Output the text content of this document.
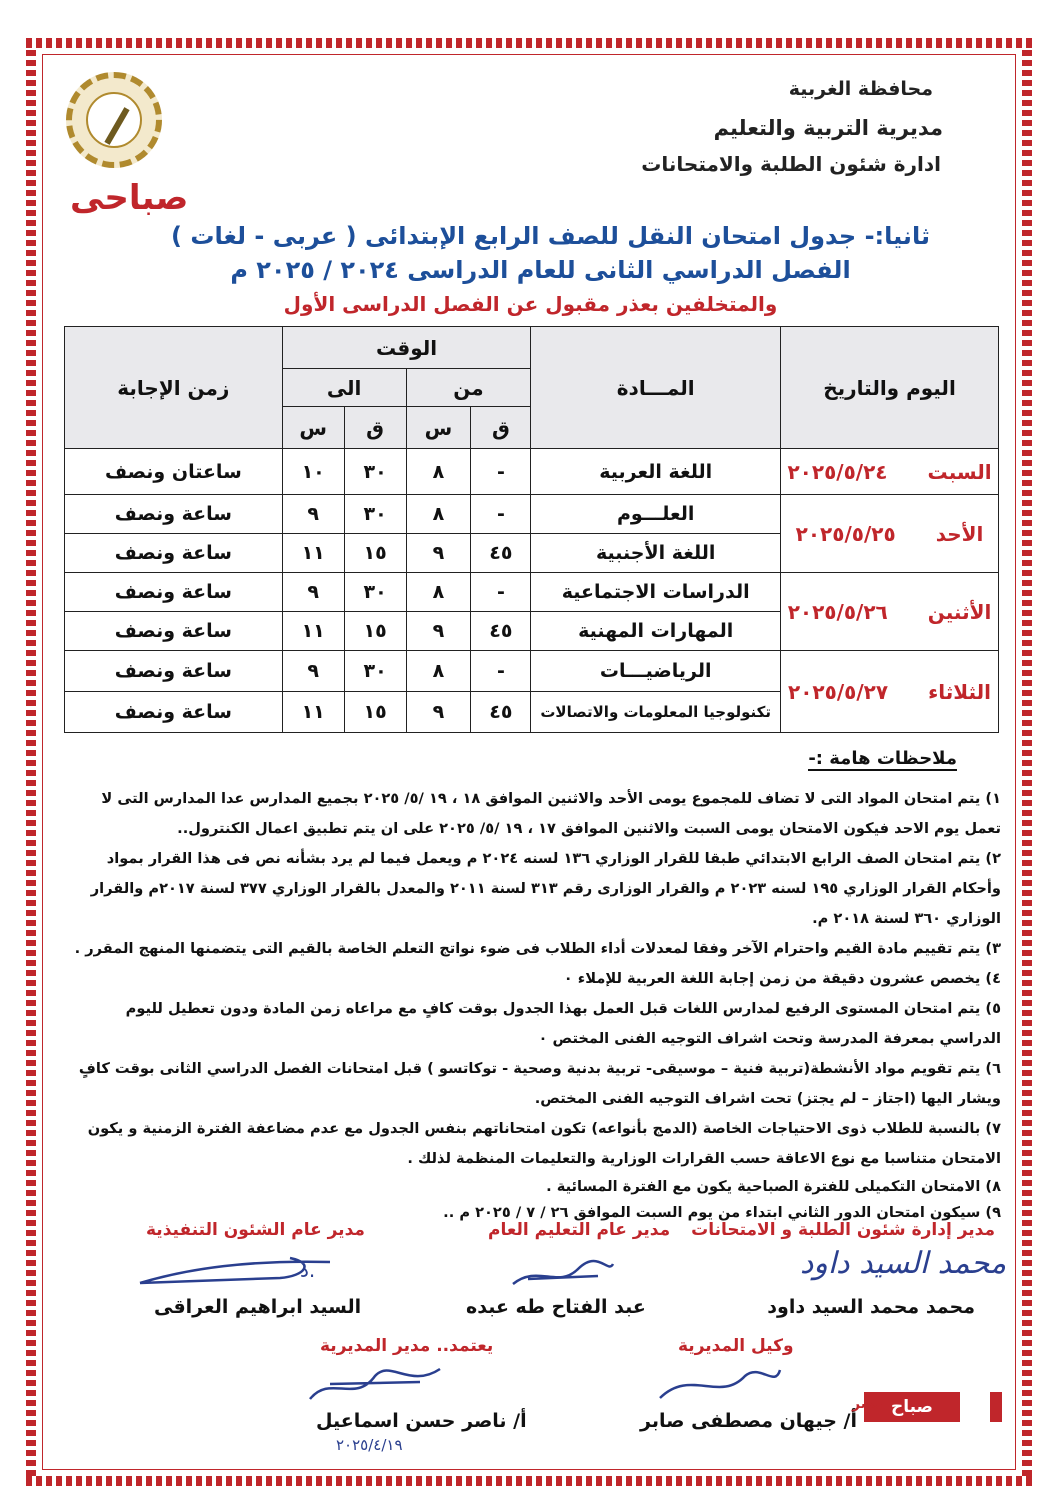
محافظة الغربية
مديرية التربية والتعليم
ادارة شئون الطلبة والامتحانات
صباحى
ثانيا:- جدول امتحان النقل للصف الرابع الإبتدائى ( عربى - لغات )
الفصل الدراسي الثانى للعام الدراسى ٢٠٢٤ / ٢٠٢٥ م
والمتخلفين بعذر مقبول عن الفصل الدراسى الأول
اليوم والتاريخ	المـــادة	الوقت				زمن الإجابة
		من		الى		
		ق	س	ق	س	
السبت٢٠٢٥/٥/٢٤	اللغة العربية	-	٨	٣٠	١٠	ساعتان ونصف
الأحد٢٠٢٥/٥/٢٥	العلـــوم	-	٨	٣٠	٩	ساعة ونصف
	اللغة الأجنبية	٤٥	٩	١٥	١١	ساعة ونصف
الأثنين٢٠٢٥/٥/٢٦	الدراسات الاجتماعية	-	٨	٣٠	٩	ساعة ونصف
	المهارات المهنية	٤٥	٩	١٥	١١	ساعة ونصف
الثلاثاء٢٠٢٥/٥/٢٧	الرياضيـــات	-	٨	٣٠	٩	ساعة ونصف
	تكنولوجيا المعلومات والاتصالات	٤٥	٩	١٥	١١	ساعة ونصف
ملاحظات هامة :-

١) يتم امتحان المواد التى لا تضاف للمجموع يومى الأحد والاثنين الموافق ١٨ ، ١٩ /٥/ ٢٠٢٥ بجميع المدارس عدا المدارس التى لا تعمل يوم الاحد فيكون الامتحان يومى السبت والاثنين الموافق ١٧ ، ١٩ /٥/ ٢٠٢٥ على ان يتم تطبيق اعمال الكنترول..

٢) يتم امتحان الصف الرابع الابتدائي طبقا للقرار الوزاري ١٣٦ لسنه ٢٠٢٤ م ويعمل فيما لم يرد بشأنه نص فى هذا القرار بمواد وأحكام القرار الوزاري ١٩٥ لسنه ٢٠٢٣ م والقرار الوزارى رقم ٣١٣ لسنة ٢٠١١ والمعدل بالقرار الوزاري ٣٧٧ لسنة ٢٠١٧م والقرار الوزاري ٣٦٠ لسنة ٢٠١٨ م.

٣) يتم تقييم مادة القيم واحترام الآخر وفقا لمعدلات أداء الطلاب فى ضوء نواتج التعلم الخاصة بالقيم التى يتضمنها المنهج المقرر .

٤) يخصص عشرون دقيقة من زمن إجابة اللغة العربية للإملاء ٠

٥) يتم امتحان المستوى الرفيع لمدارس اللغات قبل العمل بهذا الجدول بوقت كافٍ مع مراعاه زمن المادة ودون تعطيل لليوم الدراسي بمعرفة المدرسة وتحت اشراف التوجيه الفنى المختص ٠

٦) يتم تقويم مواد الأنشطة(تربية فنية – موسيقى- تربية بدنية وصحية - توكاتسو ) قبل امتحانات الفصل الدراسي الثانى بوقت كافٍ ويشار اليها (اجتاز – لم يجتز) تحت اشراف التوجيه الفنى المختص.

٧) بالنسبة للطلاب ذوى الاحتياجات الخاصة (الدمج بأنواعه) تكون امتحاناتهم بنفس الجدول مع عدم مضاعفة الفترة الزمنية و يكون الامتحان متناسبا مع نوع الاعاقة حسب القرارات الوزارية والتعليمات المنظمة لذلك .

٨) الامتحان التكميلى للفترة الصباحية يكون مع الفترة المسائية .

٩) سيكون امتحان الدور الثاني ابتداء من يوم السبت الموافق ٢٦ / ٧ / ٢٠٢٥ م ..

مدير إدارة شئون الطلبة و الامتحانات
مدير عام التعليم العام
مدير عام الشئون التنفيذية
محمد السيد داود
د.
محمد محمد السيد داود
عبد الفتاح طه عبده
السيد ابراهيم العراقى
وكيل المديرية
يعتمد.. مدير المديرية
أ/ جيهان مصطفى صابر
أ/ ناصر حسن اسماعيل
٢٠٢٥/٤/١٩
صباح
مصر
